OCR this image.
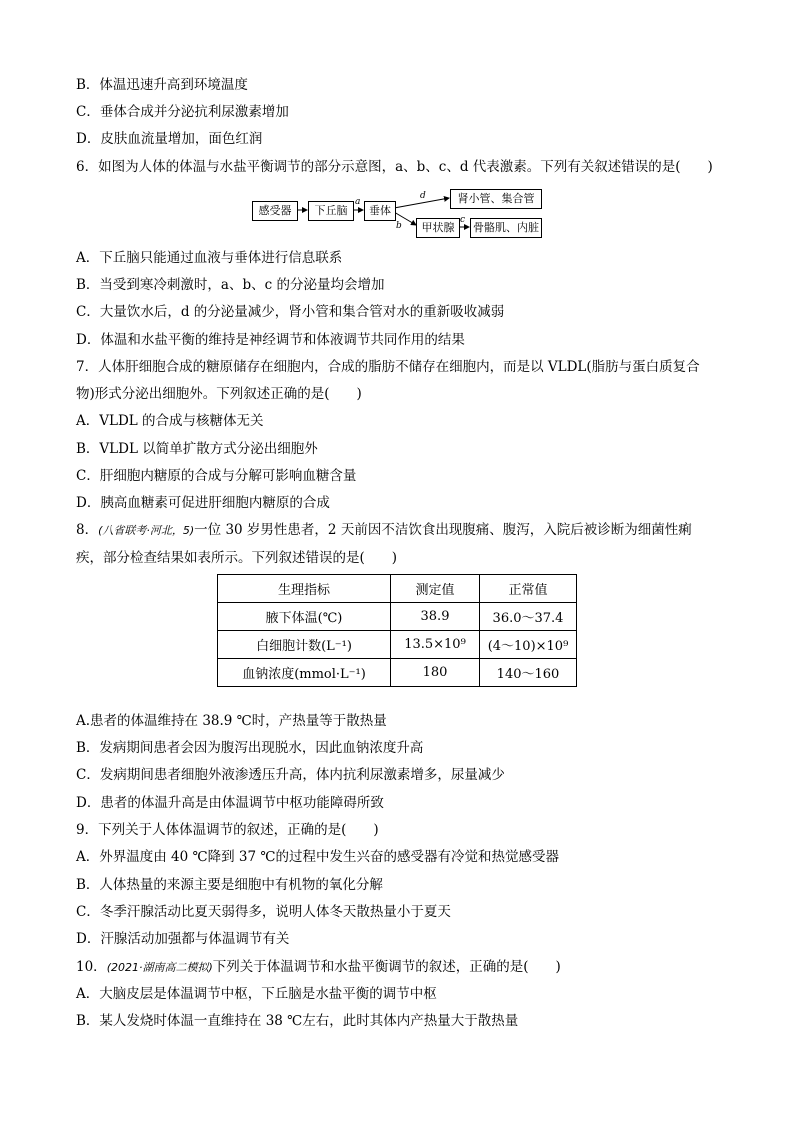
B．体温迅速升高到环境温度
C．垂体合成并分泌抗利尿激素增加
D．皮肤血流量增加，面色红润
6．如图为人体的体温与水盐平衡调节的部分示意图，a、b、c、d 代表激素。下列有关叙述错误的是(　　)
感受器	下丘脑	垂体
肾小管、集合管
甲状腺	骨骼肌、内脏
a
d
b
c
A．下丘脑只能通过血液与垂体进行信息联系
B．当受到寒冷刺激时，a、b、c 的分泌量均会增加
C．大量饮水后，d 的分泌量减少，肾小管和集合管对水的重新吸收减弱
D．体温和水盐平衡的维持是神经调节和体液调节共同作用的结果
7．人体肝细胞合成的糖原储存在细胞内，合成的脂肪不储存在细胞内，而是以 VLDL(脂肪与蛋白质复合
物)形式分泌出细胞外。下列叙述正确的是(　　)
A．VLDL 的合成与核糖体无关
B．VLDL 以简单扩散方式分泌出细胞外
C．肝细胞内糖原的合成与分解可影响血糖含量
D．胰高血糖素可促进肝细胞内糖原的合成
8．(八省联考·河北，5)一位 30 岁男性患者，2 天前因不洁饮食出现腹痛、腹泻，入院后被诊断为细菌性痢
疾，部分检查结果如表所示。下列叙述错误的是(　　)
生理指标	测定值	正常值
腋下体温(℃)	38.9	36.0～37.4
白细胞计数(L⁻¹)	13.5×10⁹	(4～10)×10⁹
血钠浓度(mmol·L⁻¹)	180	140～160
A.患者的体温维持在 38.9 ℃时，产热量等于散热量
B．发病期间患者会因为腹泻出现脱水，因此血钠浓度升高
C．发病期间患者细胞外液渗透压升高，体内抗利尿激素增多，尿量减少
D．患者的体温升高是由体温调节中枢功能障碍所致
9．下列关于人体体温调节的叙述，正确的是(　　)
A．外界温度由 40 ℃降到 37 ℃的过程中发生兴奋的感受器有冷觉和热觉感受器
B．人体热量的来源主要是细胞中有机物的氧化分解
C．冬季汗腺活动比夏天弱得多，说明人体冬天散热量小于夏天
D．汗腺活动加强都与体温调节有关
10．(2021·湖南高二模拟)下列关于体温调节和水盐平衡调节的叙述，正确的是(　　)
A．大脑皮层是体温调节中枢，下丘脑是水盐平衡的调节中枢
B．某人发烧时体温一直维持在 38 ℃左右，此时其体内产热量大于散热量
